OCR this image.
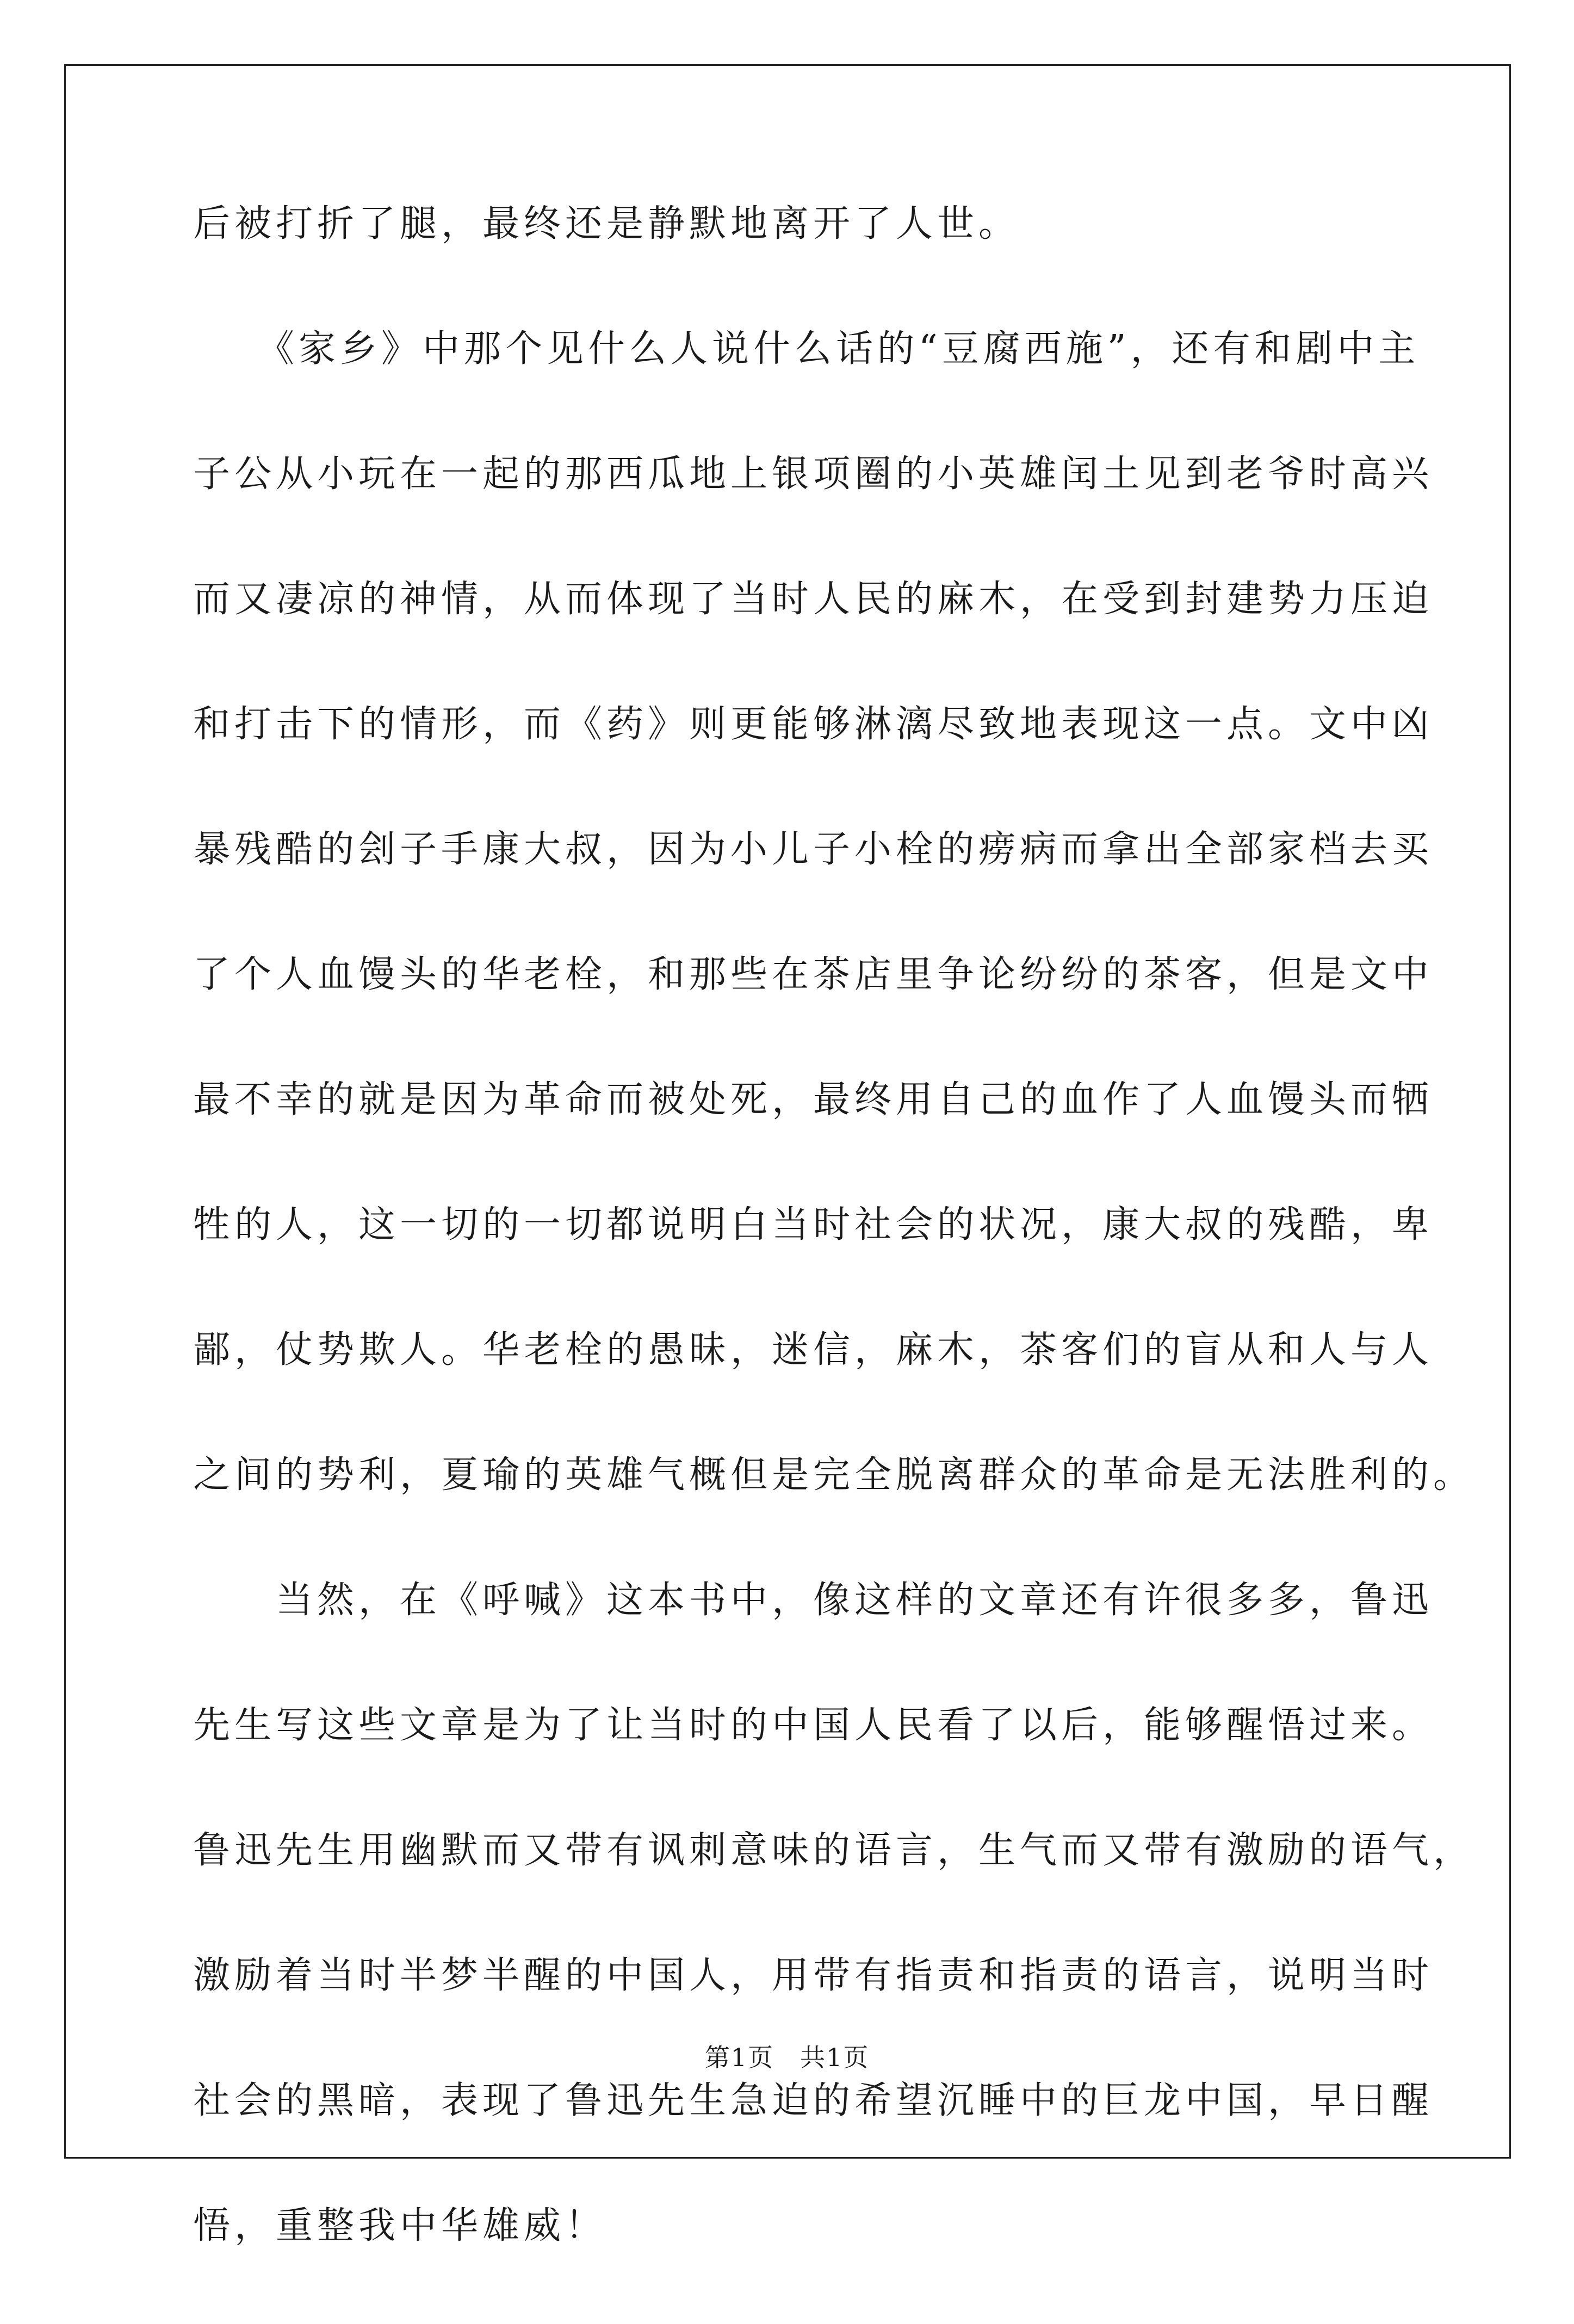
后被打折了腿，最终还是静默地离开了人世。
　　《家乡》中那个见什么人说什么话的“豆腐西施”，还有和剧中主
子公从小玩在一起的那西瓜地上银项圈的小英雄闰土见到老爷时高兴
而又凄凉的神情，从而体现了当时人民的麻木，在受到封建势力压迫
和打击下的情形，而《药》则更能够淋漓尽致地表现这一点。文中凶
暴残酷的刽子手康大叔，因为小儿子小栓的痨病而拿出全部家档去买
了个人血馒头的华老栓，和那些在茶店里争论纷纷的茶客，但是文中
最不幸的就是因为革命而被处死，最终用自己的血作了人血馒头而牺
牲的人，这一切的一切都说明白当时社会的状况，康大叔的残酷，卑
鄙，仗势欺人。华老栓的愚昧，迷信，麻木，茶客们的盲从和人与人
之间的势利，夏瑜的英雄气概但是完全脱离群众的革命是无法胜利的。
　　当然，在《呼喊》这本书中，像这样的文章还有许很多多，鲁迅
先生写这些文章是为了让当时的中国人民看了以后，能够醒悟过来。
鲁迅先生用幽默而又带有讽刺意味的语言，生气而又带有激励的语气，
激励着当时半梦半醒的中国人，用带有指责和指责的语言，说明当时
社会的黑暗，表现了鲁迅先生急迫的希望沉睡中的巨龙中国，早日醒
悟，重整我中华雄威！
第1页　共1页
